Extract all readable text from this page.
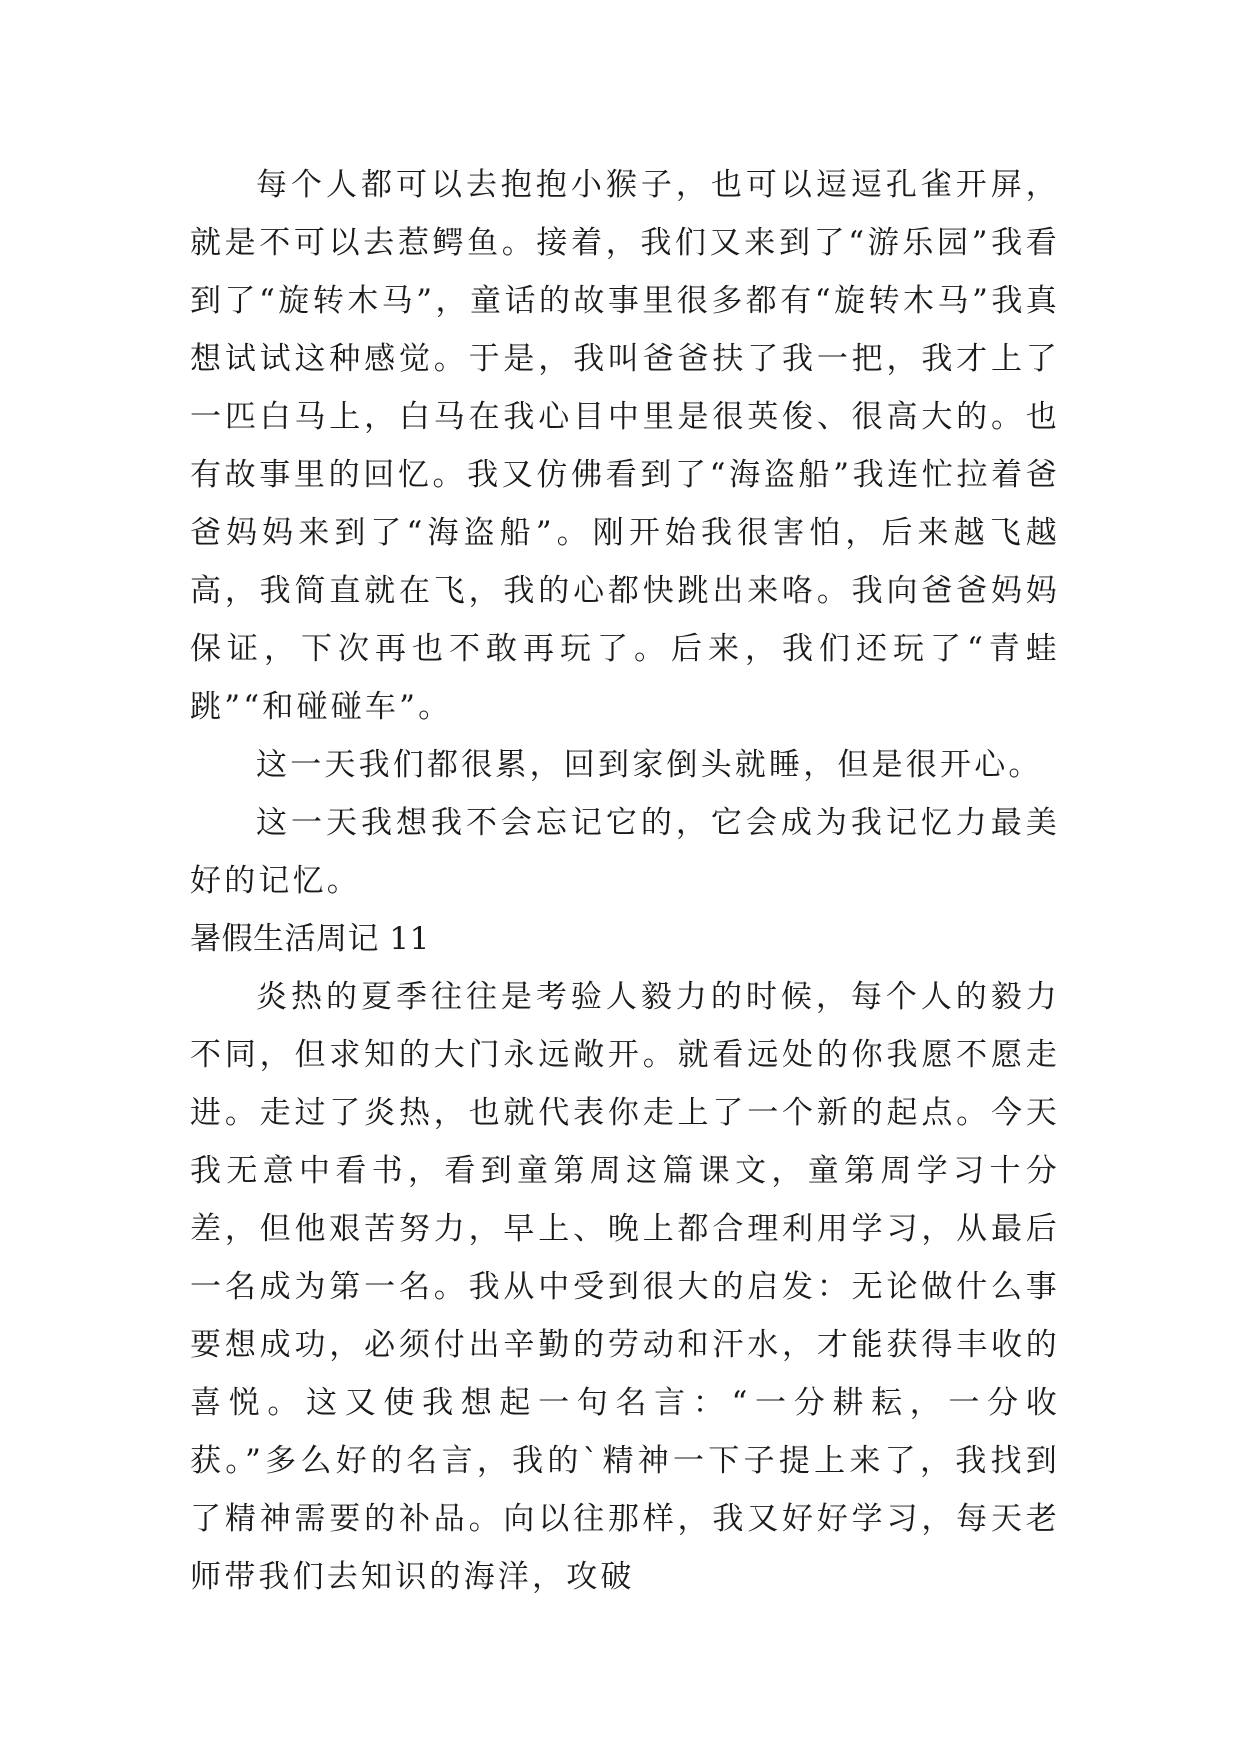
每个人都可以去抱抱小猴子，也可以逗逗孔雀开屏，就是不可以去惹鳄鱼。接着，我们又来到了“游乐园”我看到了“旋转木马”，童话的故事里很多都有“旋转木马”我真想试试这种感觉。于是，我叫爸爸扶了我一把，我才上了一匹白马上，白马在我心目中里是很英俊、很高大的。也有故事里的回忆。我又仿佛看到了“海盗船”我连忙拉着爸爸妈妈来到了“海盗船”。刚开始我很害怕，后来越飞越高，我简直就在飞，我的心都快跳出来咯。我向爸爸妈妈保证，下次再也不敢再玩了。后来，我们还玩了“青蛙跳”“和碰碰车”。

这一天我们都很累，回到家倒头就睡，但是很开心。

这一天我想我不会忘记它的，它会成为我记忆力最美好的记忆。

暑假生活周记 11

炎热的夏季往往是考验人毅力的时候，每个人的毅力不同，但求知的大门永远敞开。就看远处的你我愿不愿走进。走过了炎热，也就代表你走上了一个新的起点。今天我无意中看书，看到童第周这篇课文，童第周学习十分差，但他艰苦努力，早上、晚上都合理利用学习，从最后一名成为第一名。我从中受到很大的启发：无论做什么事要想成功，必须付出辛勤的劳动和汗水，才能获得丰收的喜悦。这又使我想起一句名言：“一分耕耘，一分收获。”多么好的名言，我的`精神一下子提上来了，我找到了精神需要的补品。向以往那样，我又好好学习，每天老师带我们去知识的海洋，攻破
